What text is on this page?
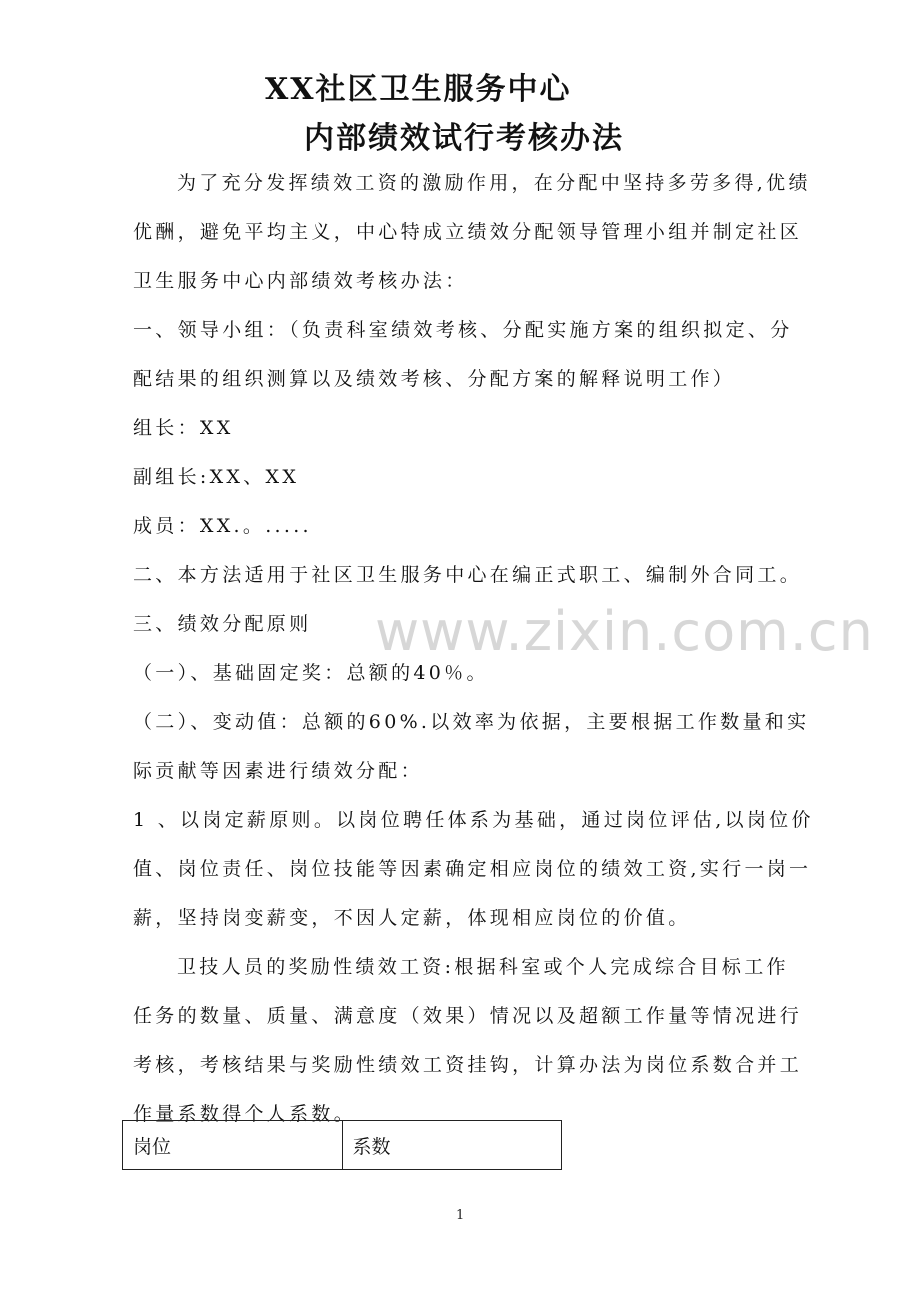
XX社区卫生服务中心
内部绩效试行考核办法
为了充分发挥绩效工资的激励作用，在分配中坚持多劳多得,优绩
优酬，避免平均主义，中心特成立绩效分配领导管理小组并制定社区
卫生服务中心内部绩效考核办法：
一、领导小组：（负责科室绩效考核、分配实施方案的组织拟定、分
配结果的组织测算以及绩效考核、分配方案的解释说明工作）
组长：XX
副组长:XX、XX
成员：XX.。.....
二、本方法适用于社区卫生服务中心在编正式职工、编制外合同工。
三、绩效分配原则
（一）、基础固定奖：总额的40％。
（二）、变动值：总额的60%.以效率为依据，主要根据工作数量和实
际贡献等因素进行绩效分配：
1 、以岗定薪原则。以岗位聘任体系为基础，通过岗位评估,以岗位价
值、岗位责任、岗位技能等因素确定相应岗位的绩效工资,实行一岗一
薪，坚持岗变薪变，不因人定薪，体现相应岗位的价值。
卫技人员的奖励性绩效工资:根据科室或个人完成综合目标工作
任务的数量、质量、满意度（效果）情况以及超额工作量等情况进行
考核，考核结果与奖励性绩效工资挂钩，计算办法为岗位系数合并工
作量系数得个人系数。
www.zixin.com.cn
岗位	系数
1
